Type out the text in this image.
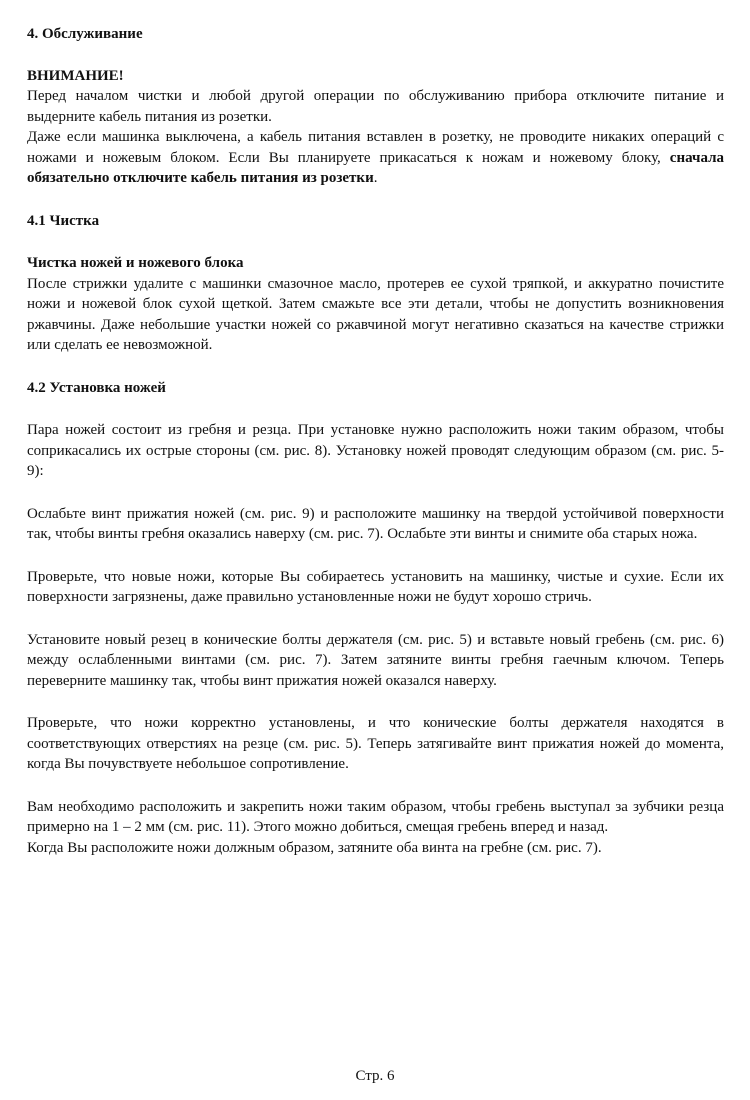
4. Обслуживание
ВНИМАНИЕ!

Перед началом чистки и любой другой операции по обслуживанию прибора отключите питание и выдерните кабель питания из розетки.

Даже если машинка выключена, а кабель питания вставлен в розетку, не проводите никаких операций с ножами и ножевым блоком. Если Вы планируете прикасаться к ножам и ножевому блоку, сначала обязательно отключите кабель питания из розетки.

4.1 Чистка
Чистка ножей и ножевого блока

После стрижки удалите с машинки смазочное масло, протерев ее сухой тряпкой, и аккуратно почистите ножи и ножевой блок сухой щеткой. Затем смажьте все эти детали, чтобы не допустить возникновения ржавчины. Даже небольшие участки ножей со ржавчиной могут негативно сказаться на качестве стрижки или сделать ее невозможной.

4.2 Установка ножей

Пара ножей состоит из гребня и резца. При установке нужно расположить ножи таким образом, чтобы соприкасались их острые стороны (см. рис. 8). Установку ножей проводят следующим образом (см. рис. 5-9):

Ослабьте винт прижатия ножей (см. рис. 9) и расположите машинку на твердой устойчивой поверхности так, чтобы винты гребня оказались наверху (см. рис. 7). Ослабьте эти винты и снимите оба старых ножа.

Проверьте, что новые ножи, которые Вы собираетесь установить на машинку, чистые и сухие. Если их поверхности загрязнены, даже правильно установленные ножи не будут хорошо стричь.

Установите новый резец в конические болты держателя (см. рис. 5) и вставьте новый гребень (см. рис. 6) между ослабленными винтами (см. рис. 7). Затем затяните винты гребня гаечным ключом. Теперь переверните машинку так, чтобы винт прижатия ножей оказался наверху.

Проверьте, что ножи корректно установлены, и что конические болты держателя находятся в соответствующих отверстиях на резце (см. рис. 5). Теперь затягивайте винт прижатия ножей до момента, когда Вы почувствуете небольшое сопротивление.

Вам необходимо расположить и закрепить ножи таким образом, чтобы гребень выступал за зубчики резца примерно на 1 – 2 мм (см. рис. 11). Этого можно добиться, смещая гребень вперед и назад.

Когда Вы расположите ножи должным образом, затяните оба винта на гребне (см. рис. 7).

Стр. 6
